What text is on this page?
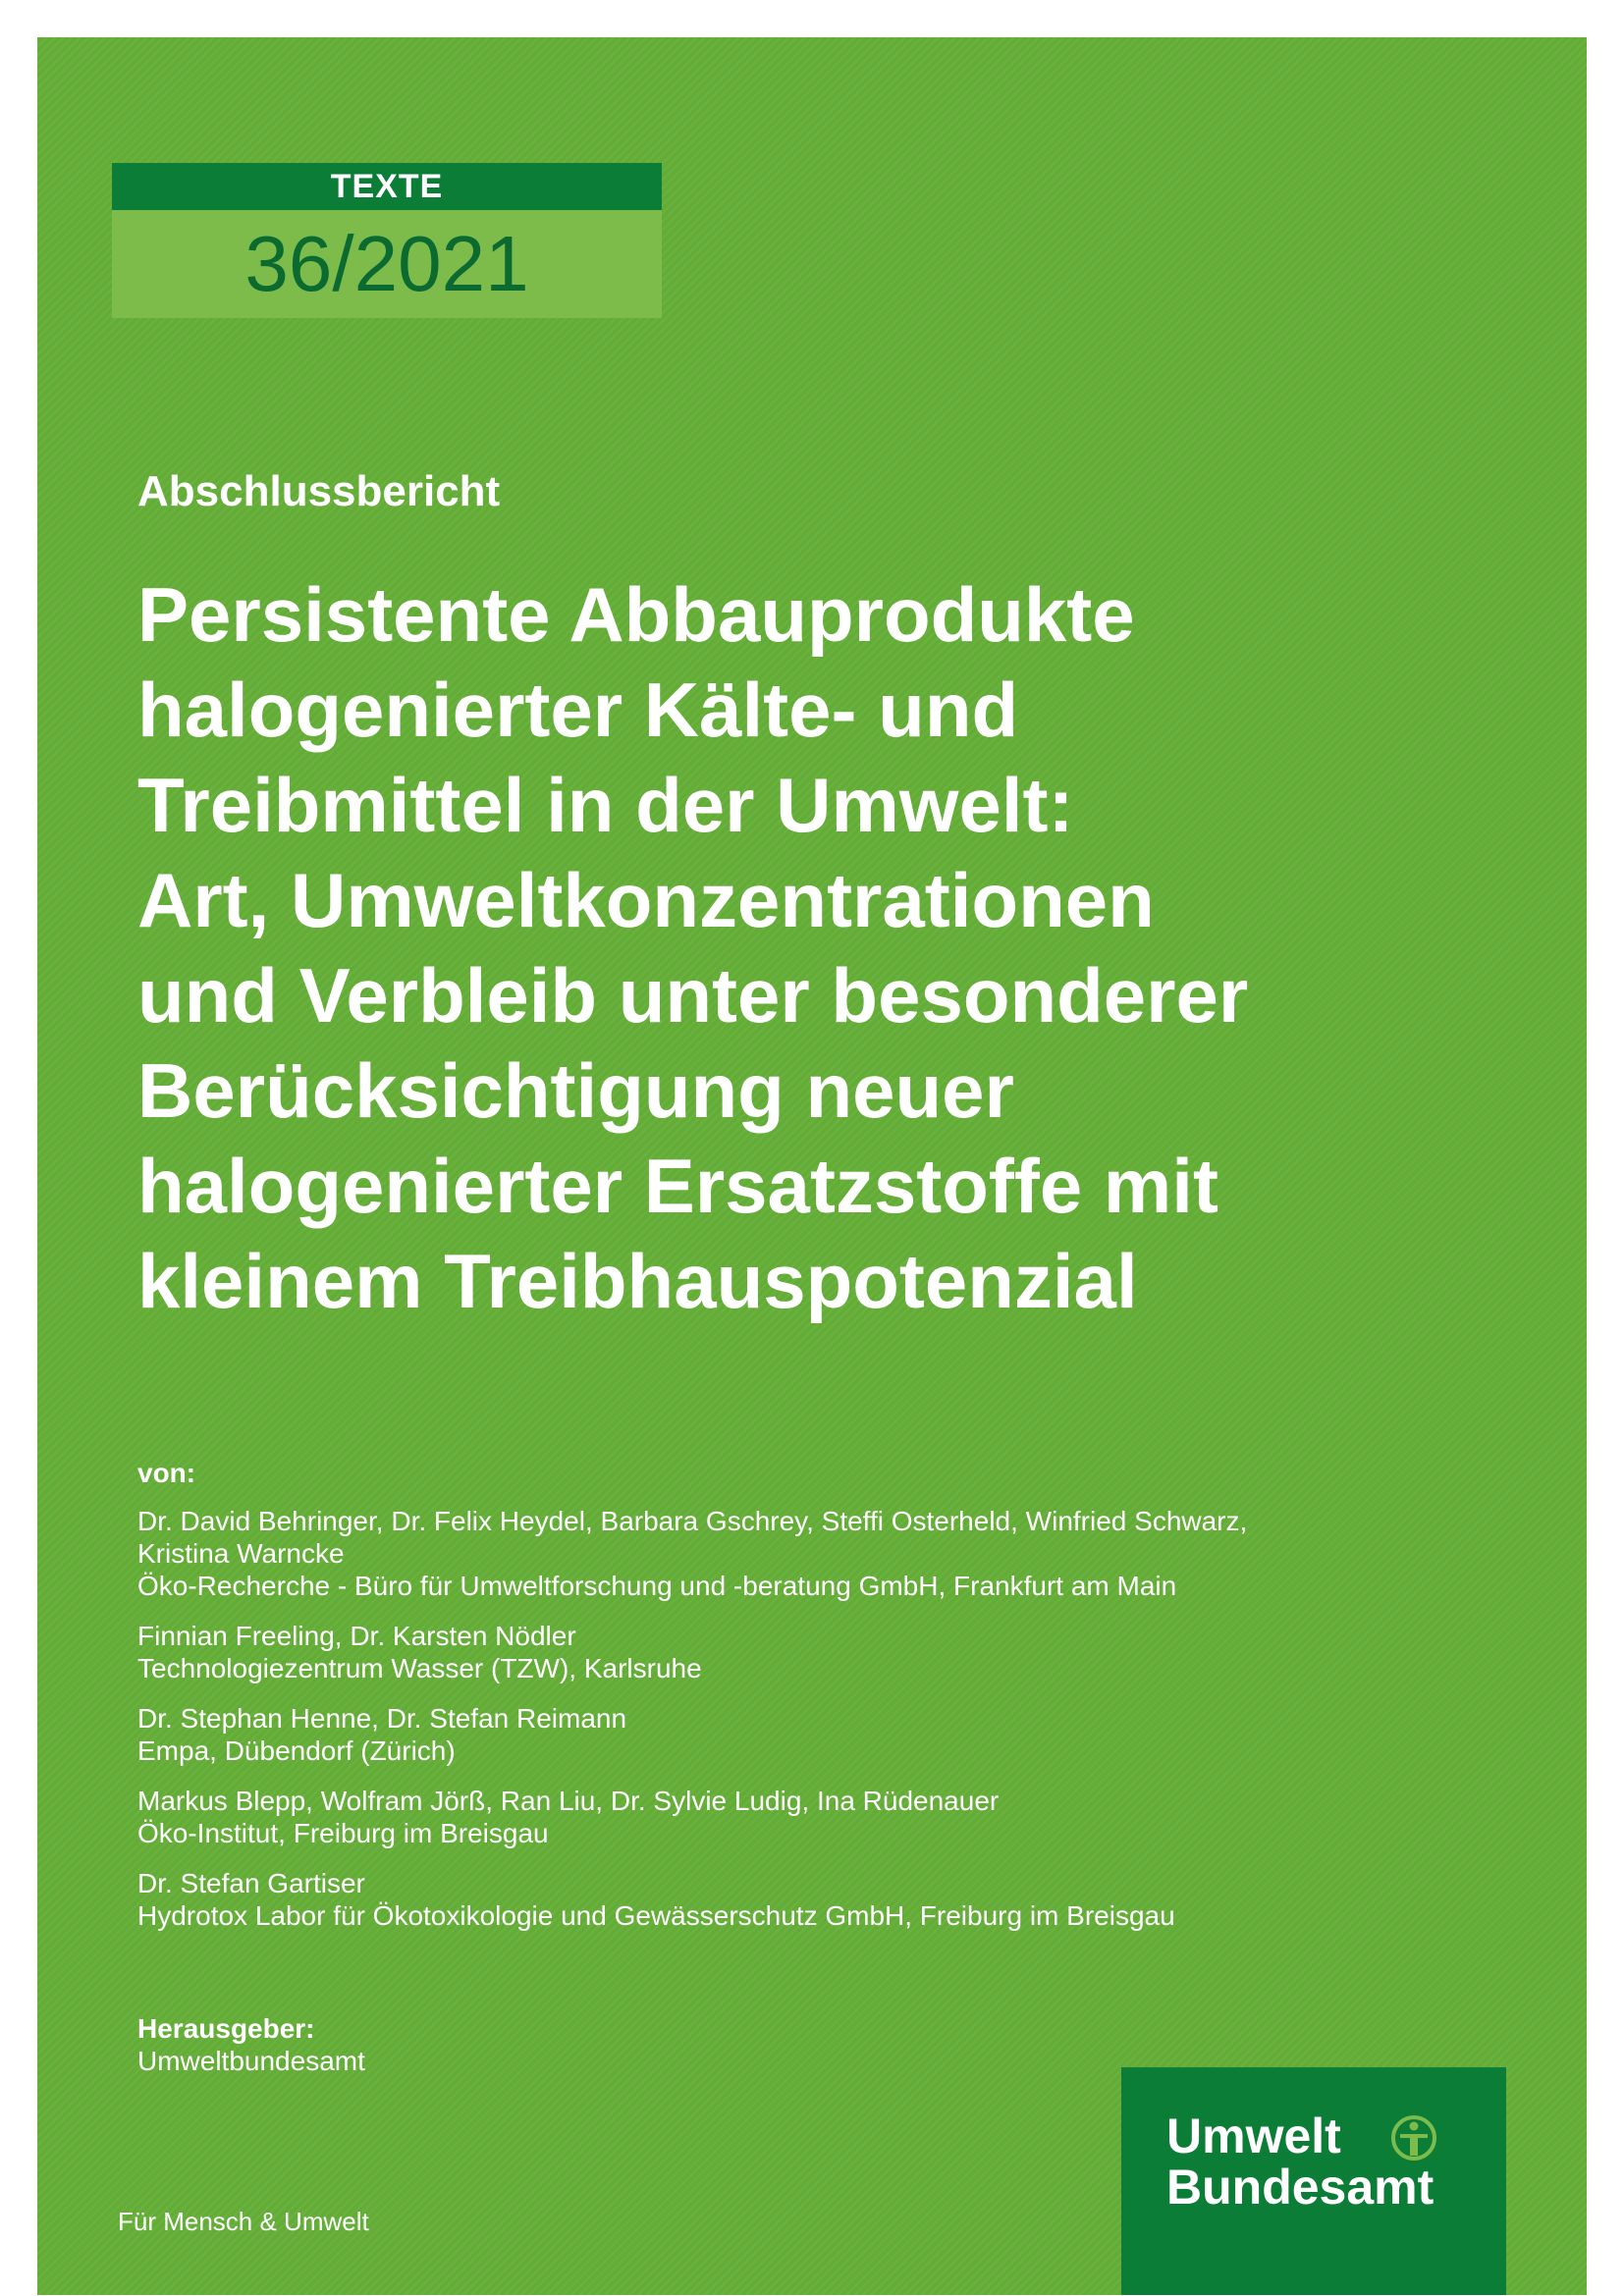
TEXTE
36/2021
Abschlussbericht
Persistente Abbauprodukte
halogenierter Kälte- und
Treibmittel in der Umwelt:
Art, Umweltkonzentrationen
und Verbleib unter besonderer
Berücksichtigung neuer
halogenierter Ersatzstoffe mit
kleinem Treibhauspotenzial
von:
Dr. David Behringer, Dr. Felix Heydel, Barbara Gschrey, Steffi Osterheld, Winfried Schwarz,
Kristina Warncke
Öko-Recherche - Büro für Umweltforschung und -beratung GmbH, Frankfurt am Main
Finnian Freeling, Dr. Karsten Nödler
Technologiezentrum Wasser (TZW), Karlsruhe
Dr. Stephan Henne, Dr. Stefan Reimann
Empa, Dübendorf (Zürich)
Markus Blepp, Wolfram Jörß, Ran Liu, Dr. Sylvie Ludig, Ina Rüdenauer
Öko-Institut, Freiburg im Breisgau
Dr. Stefan Gartiser
Hydrotox Labor für Ökotoxikologie und Gewässerschutz GmbH, Freiburg im Breisgau
Herausgeber:
Umweltbundesamt
Für Mensch & Umwelt
Umwelt
Bundesamt
